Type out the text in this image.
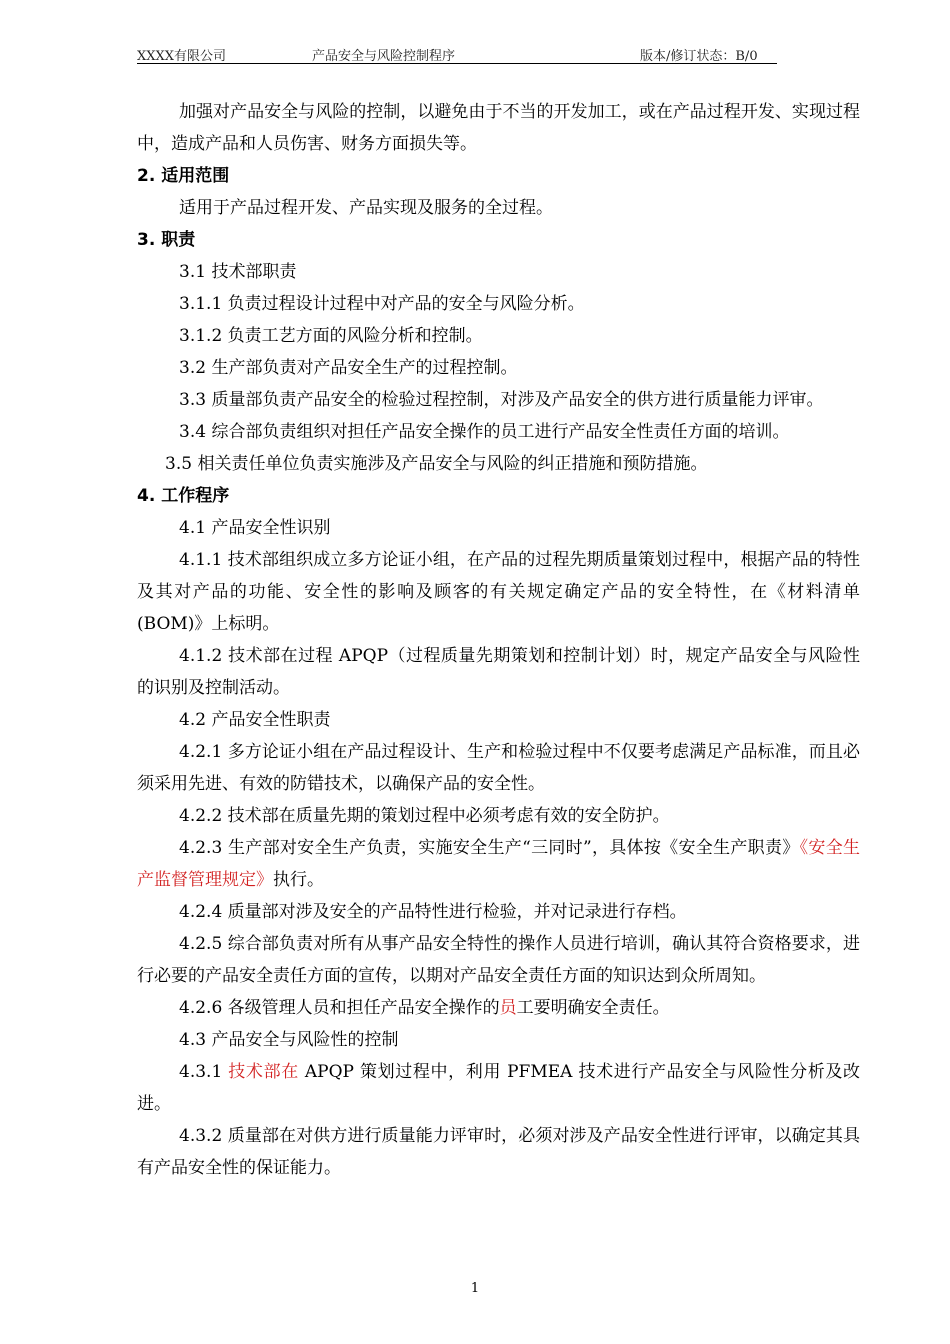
XXXX有限公司	产品安全与风险控制程序	版本/修订状态：B/0

加强对产品安全与风险的控制，以避免由于不当的开发加工，或在产品过程开发、实现过程中，造成产品和人员伤害、财务方面损失等。

2. 适用范围

适用于产品过程开发、产品实现及服务的全过程。

3. 职责

3.1 技术部职责

3.1.1 负责过程设计过程中对产品的安全与风险分析。

3.1.2 负责工艺方面的风险分析和控制。

3.2 生产部负责对产品安全生产的过程控制。

3.3 质量部负责产品安全的检验过程控制，对涉及产品安全的供方进行质量能力评审。

3.4 综合部负责组织对担任产品安全操作的员工进行产品安全性责任方面的培训。

3.5 相关责任单位负责实施涉及产品安全与风险的纠正措施和预防措施。

4. 工作程序

4.1 产品安全性识别

4.1.1 技术部组织成立多方论证小组，在产品的过程先期质量策划过程中，根据产品的特性及其对产品的功能、安全性的影响及顾客的有关规定确定产品的安全特性，在《材料清单(BOM)》上标明。

4.1.2 技术部在过程 APQP（过程质量先期策划和控制计划）时，规定产品安全与风险性的识别及控制活动。

4.2 产品安全性职责

4.2.1 多方论证小组在产品过程设计、生产和检验过程中不仅要考虑满足产品标准，而且必须采用先进、有效的防错技术，以确保产品的安全性。

4.2.2 技术部在质量先期的策划过程中必须考虑有效的安全防护。

4.2.3 生产部对安全生产负责，实施安全生产“三同时”，具体按《安全生产职责》《安全生产监督管理规定》执行。

4.2.4 质量部对涉及安全的产品特性进行检验，并对记录进行存档。

4.2.5 综合部负责对所有从事产品安全特性的操作人员进行培训，确认其符合资格要求，进行必要的产品安全责任方面的宣传，以期对产品安全责任方面的知识达到众所周知。

4.2.6 各级管理人员和担任产品安全操作的员工要明确安全责任。

4.3 产品安全与风险性的控制

4.3.1 技术部在 APQP 策划过程中，利用 PFMEA 技术进行产品安全与风险性分析及改进。

4.3.2 质量部在对供方进行质量能力评审时，必须对涉及产品安全性进行评审，以确定其具有产品安全性的保证能力。

1
